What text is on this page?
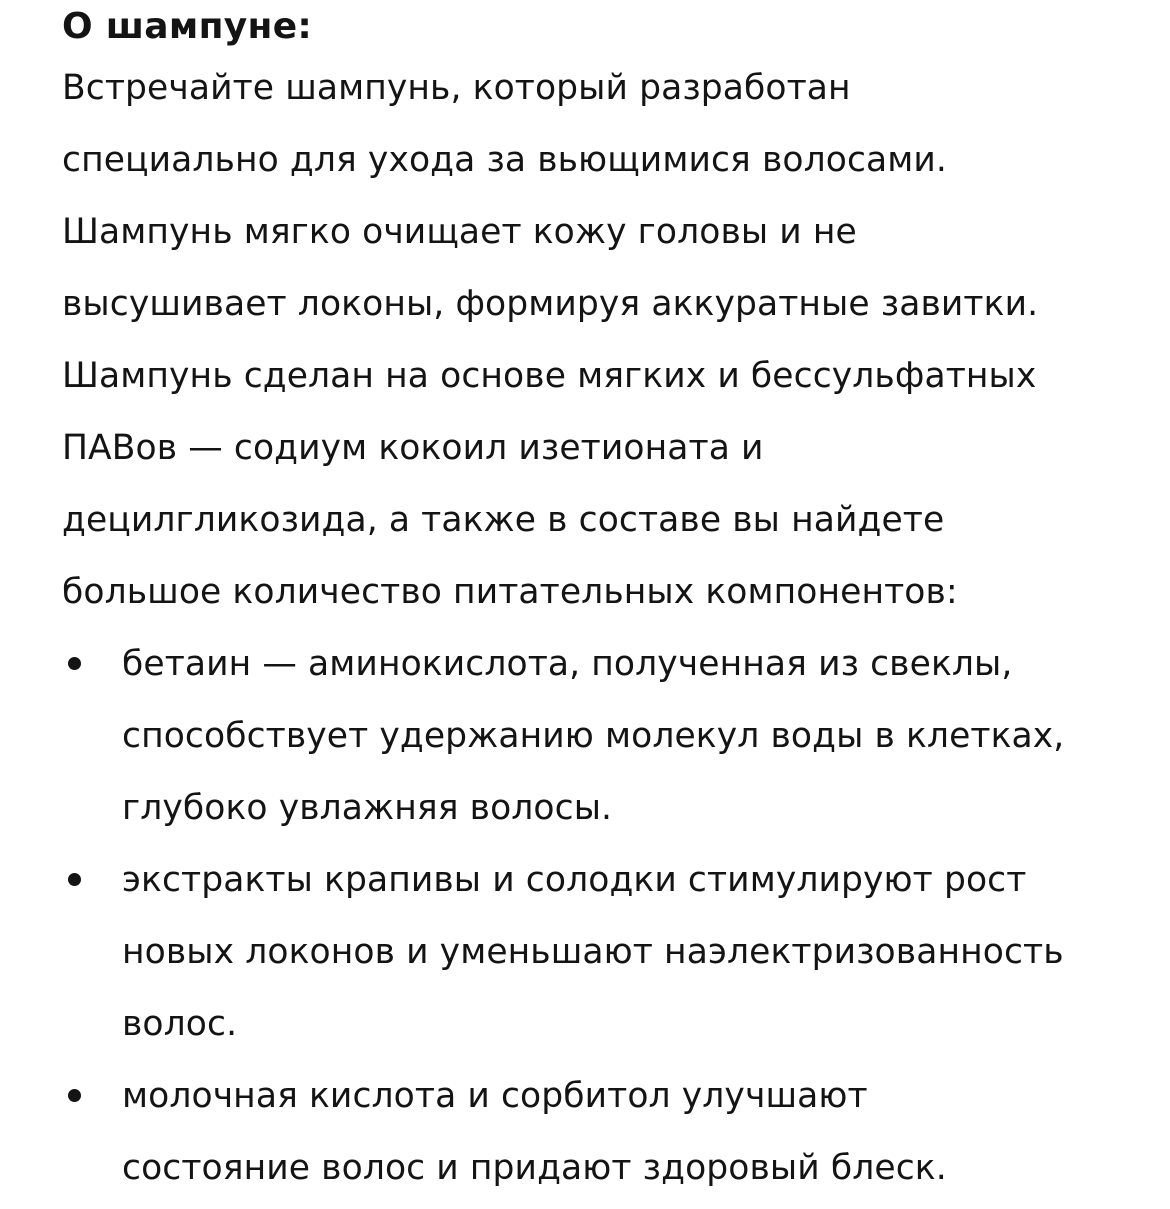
О шампуне:

Встречайте шампунь, который разработан
специально для ухода за вьющимися волосами.
Шампунь мягко очищает кожу головы и не
высушивает локоны, формируя аккуратные завитки.
Шампунь сделан на основе мягких и бессульфатных
ПАВов — содиум кокоил изетионата и
децилгликозида, а также в составе вы найдете
большое количество питательных компонентов:

бетаин — аминокислота, полученная из свеклы,
способствует удержанию молекул воды в клетках,
глубоко увлажняя волосы.
экстракты крапивы и солодки стимулируют рост
новых локонов и уменьшают наэлектризованность
волос.
молочная кислота и сорбитол улучшают
состояние волос и придают здоровый блеск.
